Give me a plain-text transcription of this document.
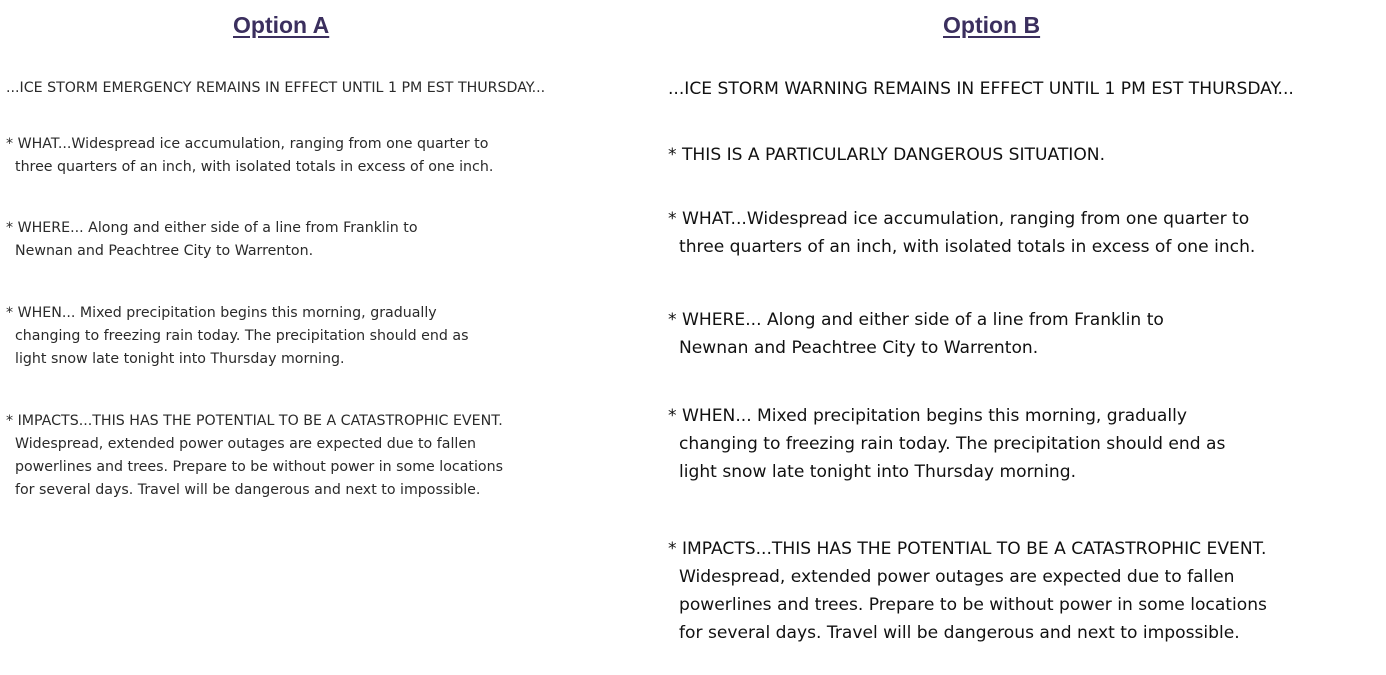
Option A

...ICE STORM EMERGENCY REMAINS IN EFFECT UNTIL 1 PM EST THURSDAY...

* WHAT...Widespread ice accumulation, ranging from one quarter to
three quarters of an inch, with isolated totals in excess of one inch.

* WHERE... Along and either side of a line from Franklin to
Newnan and Peachtree City to Warrenton.

* WHEN... Mixed precipitation begins this morning, gradually
changing to freezing rain today. The precipitation should end as
light snow late tonight into Thursday morning.

* IMPACTS...THIS HAS THE POTENTIAL TO BE A CATASTROPHIC EVENT.
Widespread, extended power outages are expected due to fallen
powerlines and trees. Prepare to be without power in some locations
for several days. Travel will be dangerous and next to impossible.

Option B

...ICE STORM WARNING REMAINS IN EFFECT UNTIL 1 PM EST THURSDAY...

* THIS IS A PARTICULARLY DANGEROUS SITUATION.

* WHAT...Widespread ice accumulation, ranging from one quarter to
three quarters of an inch, with isolated totals in excess of one inch.

* WHERE... Along and either side of a line from Franklin to
Newnan and Peachtree City to Warrenton.

* WHEN... Mixed precipitation begins this morning, gradually
changing to freezing rain today. The precipitation should end as
light snow late tonight into Thursday morning.

* IMPACTS...THIS HAS THE POTENTIAL TO BE A CATASTROPHIC EVENT.
Widespread, extended power outages are expected due to fallen
powerlines and trees. Prepare to be without power in some locations
for several days. Travel will be dangerous and next to impossible.
